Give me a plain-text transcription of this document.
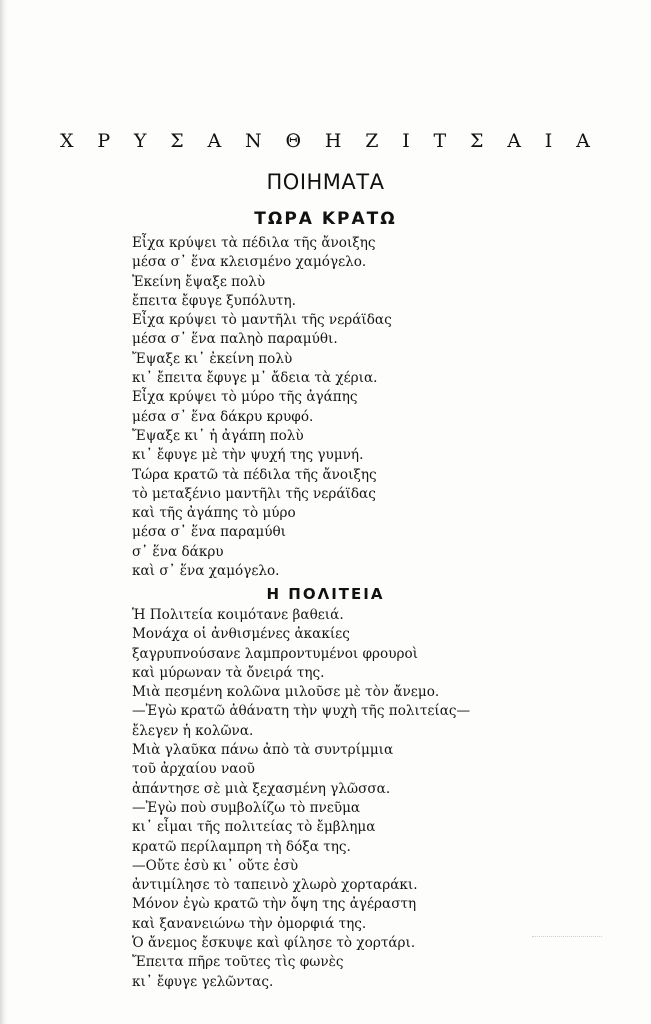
Χ Ρ Υ Σ Α Ν Θ Η Ζ Ι Τ Σ Α Ι Α
ΠΟΙΗΜΑΤΑ
ΤΩΡΑ ΚΡΑΤΩ
Εἶχα κρύψει τὰ πέδιλα τῆς ἄνοιξης
μέσα σ᾽ ἕνα κλεισμένο χαμόγελο.
Ἐκείνη ἔψαξε πολὺ
ἔπειτα ἔφυγε ξυπόλυτη.
Εἶχα κρύψει τὸ μαντῆλι τῆς νεράϊδας
μέσα σ᾽ ἕνα παληὸ παραμύθι.
Ἔψαξε κι᾽ ἐκείνη πολὺ
κι᾽ ἔπειτα ἔφυγε μ᾽ ἄδεια τὰ χέρια.
Εἶχα κρύψει τὸ μύρο τῆς ἀγάπης
μέσα σ᾽ ἕνα δάκρυ κρυφό.
Ἔψαξε κι᾽ ἡ ἀγάπη πολὺ
κι᾽ ἔφυγε μὲ τὴν ψυχή της γυμνή.
Τώρα κρατῶ τὰ πέδιλα τῆς ἄνοιξης
τὸ μεταξένιο μαντῆλι τῆς νεράϊδας
καὶ τῆς ἀγάπης τὸ μύρο
μέσα σ᾽ ἕνα παραμύθι
σ᾽ ἕνα δάκρυ
καὶ σ᾽ ἕνα χαμόγελο.
Η ΠΟΛΙΤΕΙΑ
Ἡ Πολιτεία κοιμότανε βαθειά.
Μονάχα οἱ ἀνθισμένες ἀκακίες
ξαγρυπνούσανε λαμπροντυμένοι φρουροὶ
καὶ μύρωναν τὰ ὄνειρά της.
Μιὰ πεσμένη κολῶνα μιλοῦσε μὲ τὸν ἄνεμο.
—Ἐγὼ κρατῶ ἀθάνατη τὴν ψυχὴ τῆς πολιτείας—
ἔλεγεν ἡ κολῶνα.
Μιὰ γλαῦκα πάνω ἀπὸ τὰ συντρίμμια
τοῦ ἀρχαίου ναοῦ
ἀπάντησε σὲ μιὰ ξεχασμένη γλῶσσα.
—Ἐγὼ ποὺ συμβολίζω τὸ πνεῦμα
κι᾽ εἶμαι τῆς πολιτείας τὸ ἔμβλημα
κρατῶ περίλαμπρη τὴ δόξα της.
—Οὔτε ἐσὺ κι᾽ οὔτε ἐσὺ
ἀντιμίλησε τὸ ταπεινὸ χλωρὸ χορταράκι.
Μόνον ἐγὼ κρατῶ τὴν ὄψη της ἀγέραστη
καὶ ξανανειώνω τὴν ὀμορφιά της.
Ὁ ἄνεμος ἔσκυψε καὶ φίλησε τὸ χορτάρι.
Ἔπειτα πῆρε τοῦτες τὶς φωνὲς
κι᾽ ἔφυγε γελῶντας.
